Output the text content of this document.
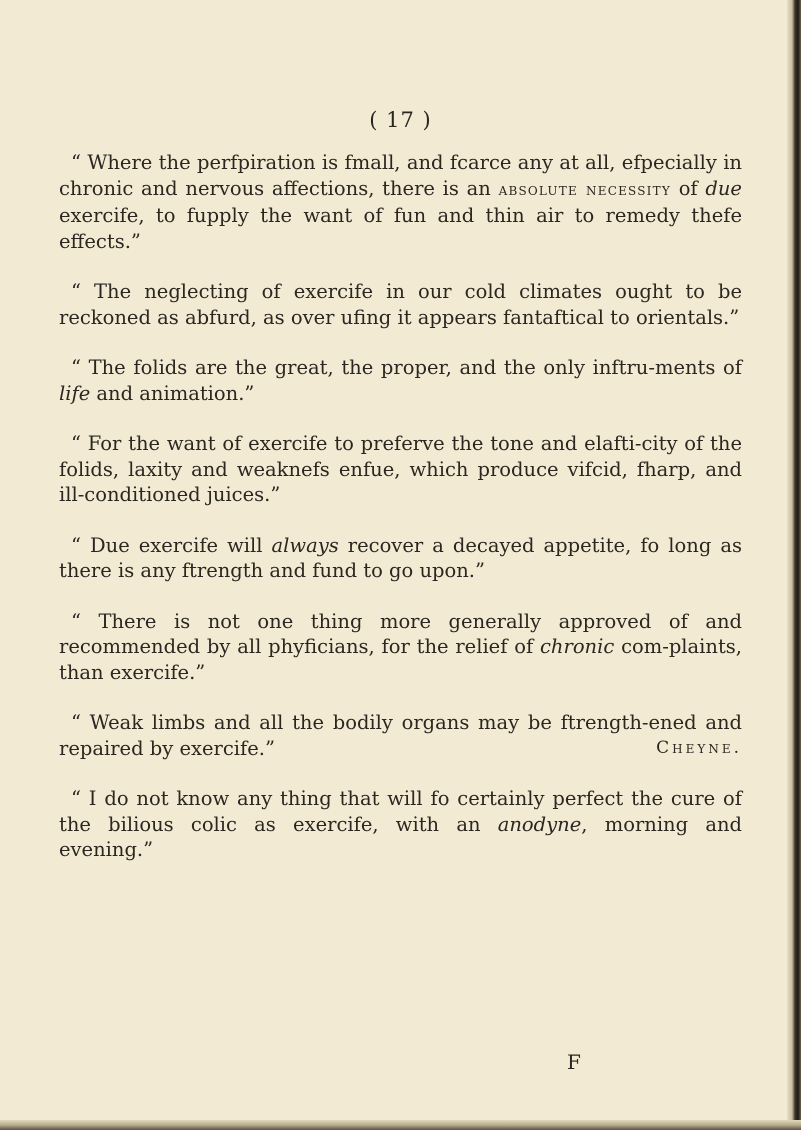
( 17 )

“ Where the perfpiration is fmall, and fcarce any at all, efpecially in chronic and nervous affections, there is an absolute necessity of due exercife, to fupply the want of fun and thin air to remedy thefe effects.”

“ The neglecting of exercife in our cold climates ought to be reckoned as abfurd, as over ufing it appears fantaftical to orientals.”

“ The folids are the great, the proper, and the only inftru-ments of life and animation.”

“ For the want of exercife to preferve the tone and elafti-city of the folids, laxity and weaknefs enfue, which produce vifcid, fharp, and ill-conditioned juices.”

“ Due exercife will always recover a decayed appetite, fo long as there is any ftrength and fund to go upon.”

“ There is not one thing more generally approved of and recommended by all phyficians, for the relief of chronic com-plaints, than exercife.”

“ Weak limbs and all the bodily organs may be ftrength-ened and repaired by exercife.”	Cheyne.

“ I do not know any thing that will fo certainly perfect the cure of the bilious colic as exercife, with an anodyne, morning and evening.”

F
